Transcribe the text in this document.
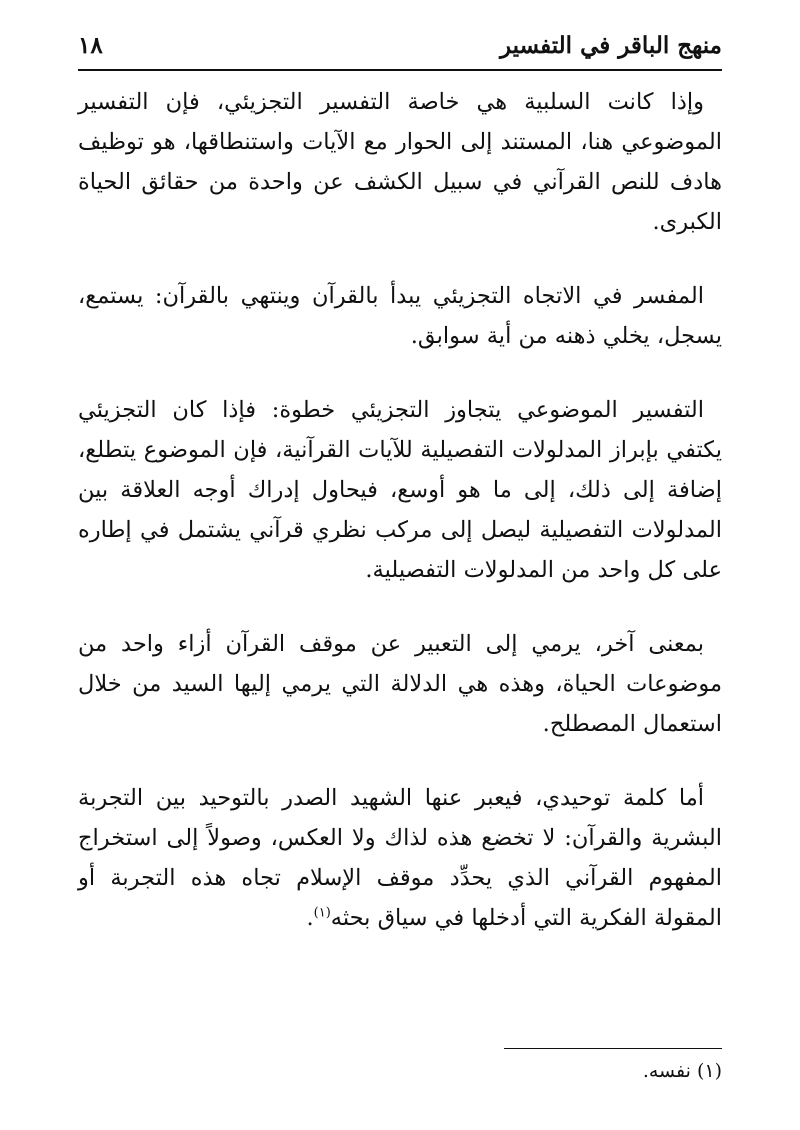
منهج الباقر في التفسير
١٨

وإذا كانت السلبية هي خاصة التفسير التجزيئي، فإن التفسير الموضوعي هنا، المستند إلى الحوار مع الآيات واستنطاقها، هو توظيف هادف للنص القرآني في سبيل الكشف عن واحدة من حقائق الحياة الكبرى.

المفسر في الاتجاه التجزيئي يبدأ بالقرآن وينتهي بالقرآن: يستمع، يسجل، يخلي ذهنه من أية سوابق.

التفسير الموضوعي يتجاوز التجزيئي خطوة: فإذا كان التجزيئي يكتفي بإبراز المدلولات التفصيلية للآيات القرآنية، فإن الموضوع يتطلع، إضافة إلى ذلك، إلى ما هو أوسع، فيحاول إدراك أوجه العلاقة بين المدلولات التفصيلية ليصل إلى مركب نظري قرآني يشتمل في إطاره على كل واحد من المدلولات التفصيلية.

بمعنى آخر، يرمي إلى التعبير عن موقف القرآن أزاء واحد من موضوعات الحياة، وهذه هي الدلالة التي يرمي إليها السيد من خلال استعمال المصطلح.

أما كلمة توحيدي، فيعبر عنها الشهيد الصدر بالتوحيد بين التجربة البشرية والقرآن: لا تخضع هذه لذاك ولا العكس، وصولاً إلى استخراج المفهوم القرآني الذي يحدِّد موقف الإسلام تجاه هذه التجربة أو المقولة الفكرية التي أدخلها في سياق بحثه$^{(١)}$.

(١) نفسه.
